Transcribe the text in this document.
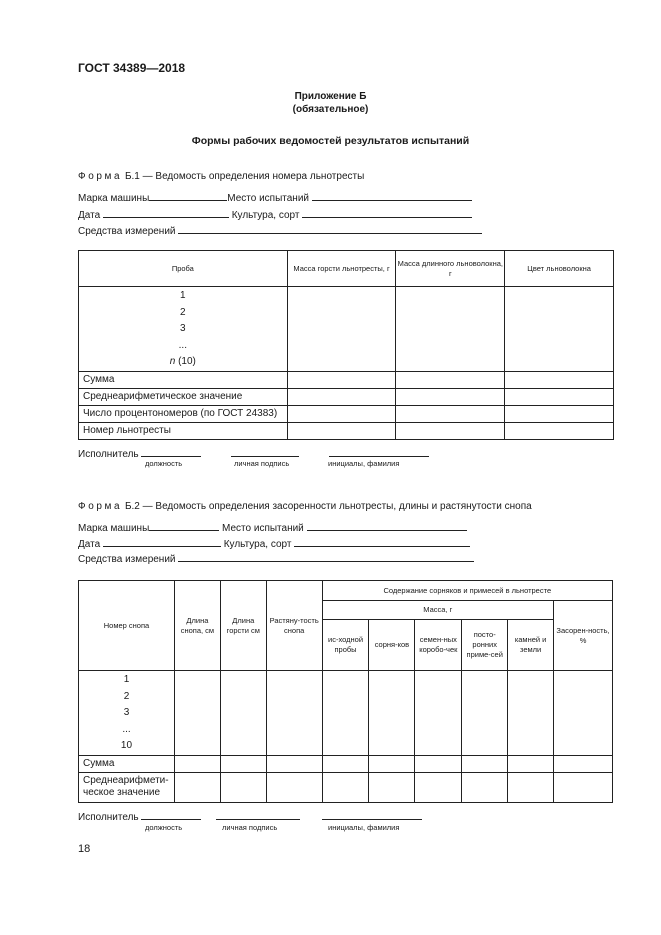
ГОСТ 34389—2018
Приложение Б
(обязательное)
Формы рабочих ведомостей результатов испытаний
Форма Б.1 — Ведомость определения номера льнотресты
Марка машины	Место испытаний
Дата	Культура, сорт
Средства измерений
Проба	Масса горсти льнотресты, г	Масса длинного льноволокна, г	Цвет льноволокна

1
2
3
...
n (10)			

Сумма			
Среднеарифметическое значение			
Число процентономеров (по ГОСТ 24383)			
Номер льнотресты			
Исполнитель
должность	личная подпись	инициалы, фамилия
Форма Б.2 — Ведомость определения засоренности льнотресты, длины и растянутости снопа
Марка машины	Место испытаний
Дата	Культура, сорт
Средства измерений
Номер снопа	Длина снопа, см	Длина горсти см	Растяну-тость снопа	Содержание сорняков и примесей в льнотресте					
				Масса, г					Засорен-ность, %
				ис-ходной пробы	сорня-ков	семен-ных коробо-чек	посто-ронних приме-сей	камней и земли	

1
2
3
...
10									

Сумма									
Среднеарифмети-ческое значение									
Исполнитель
должность	личная подпись	инициалы, фамилия
18
